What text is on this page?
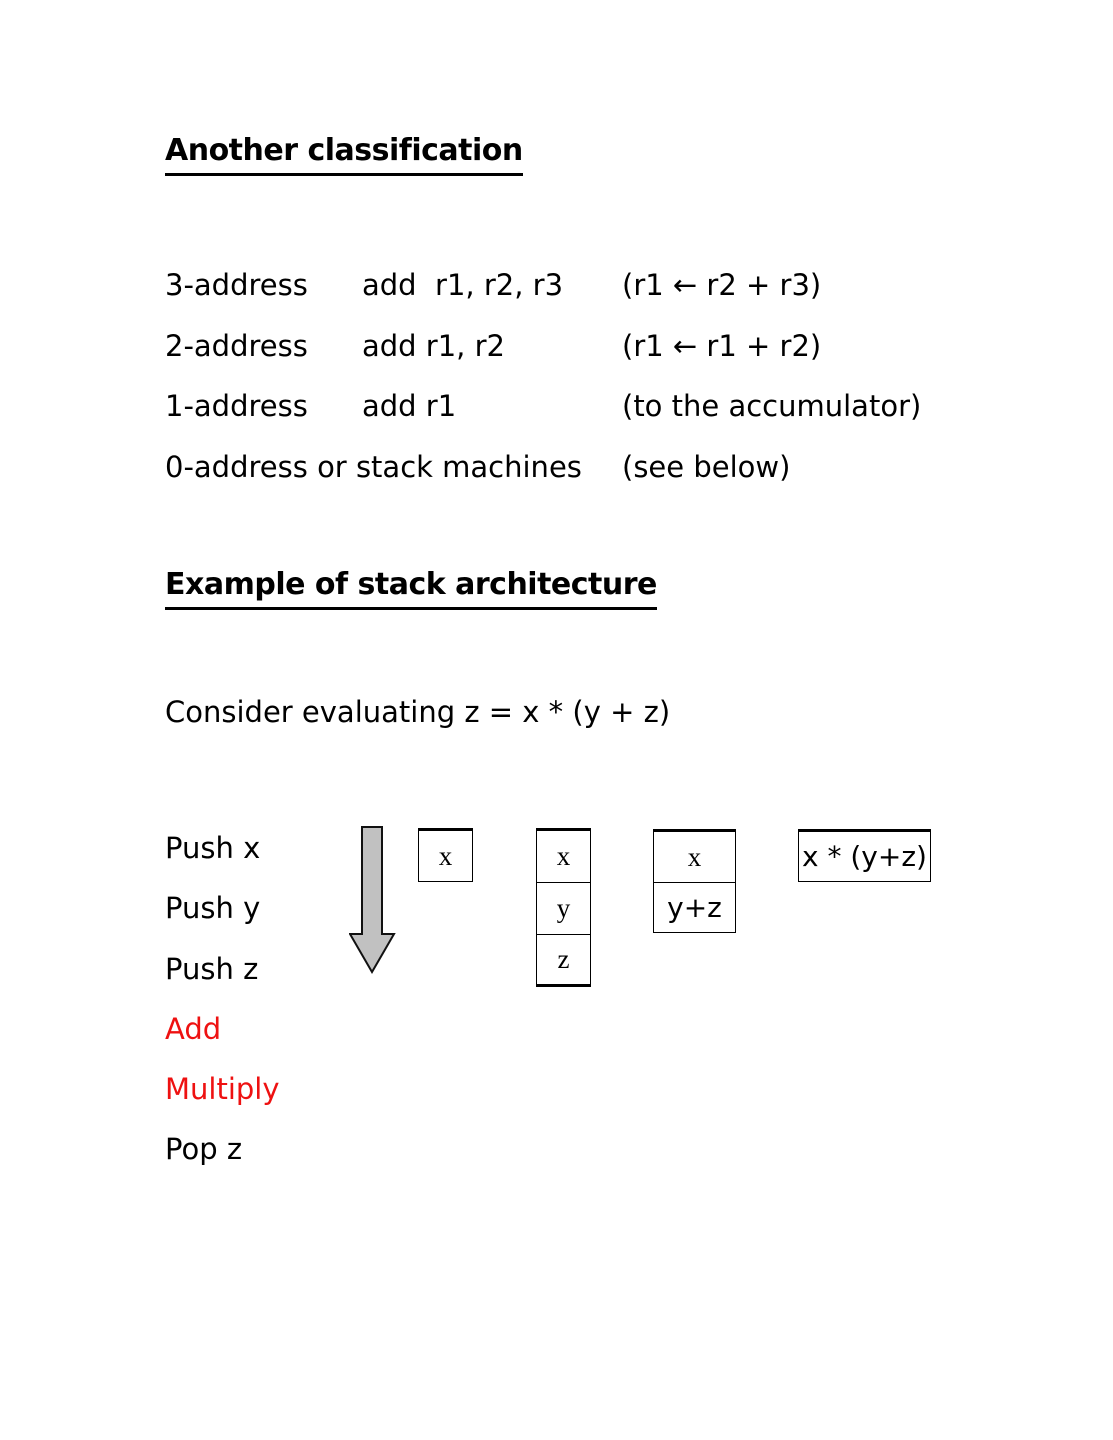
Another classification
3-address add  r1, r2, r3 (r1 ← r2 + r3)
2-address add r1, r2	(r1 ← r1 + r2)
1-address add r1	(to the accumulator)
0-address or stack machines (see below)
Example of stack architecture
Consider evaluating z = x * (y + z)
Push x
Push y
Push z
Add
Multiply
Pop z
x	x
y
z
x
y+z
x * (y+z)
